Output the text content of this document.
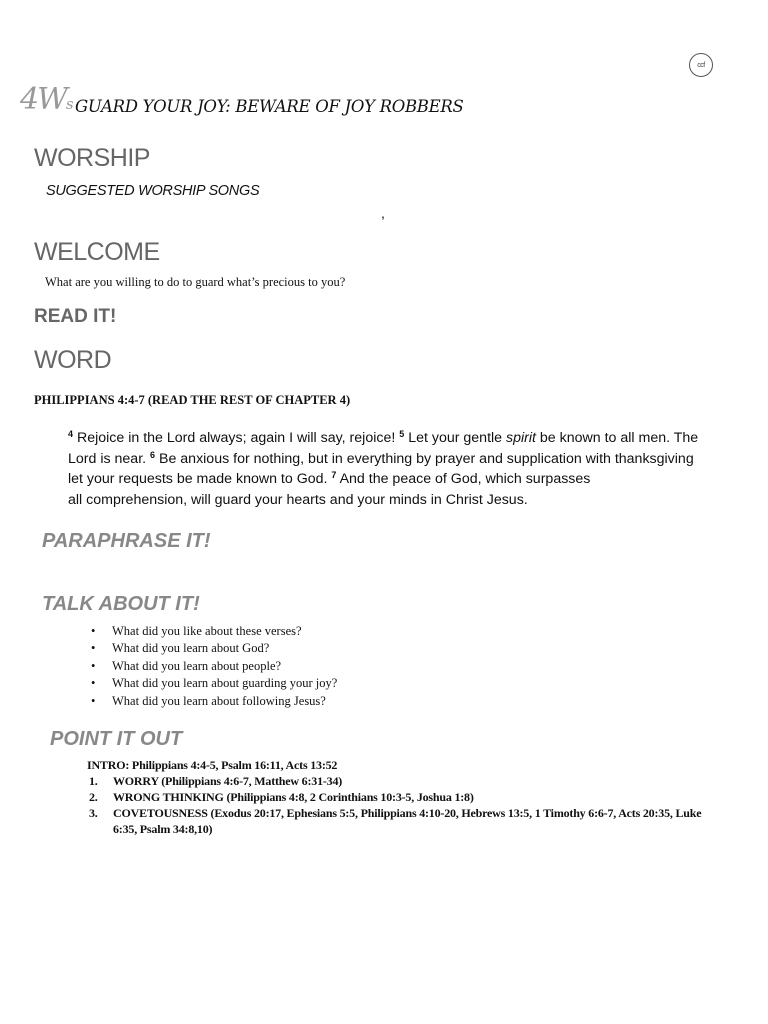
ccf
4Ws GUARD YOUR JOY: BEWARE OF JOY ROBBERS
WORSHIP
SUGGESTED WORSHIP SONGS
,
WELCOME
What are you willing to do to guard what’s precious to you?
READ IT!
WORD
PHILIPPIANS 4:4-7 (READ THE REST OF CHAPTER 4)
$^4$ Rejoice in the Lord always; again I will say, rejoice! $^5$ Let your gentle spirit be known to all men. The
Lord is near. $^6$ Be anxious for nothing, but in everything by prayer and supplication with thanksgiving
let your requests be made known to God. $^7$ And the peace of God, which surpasses
all comprehension, will guard your hearts and your minds in Christ Jesus.
PARAPHRASE IT!
TALK ABOUT IT!
• What did you like about these verses?
• What did you learn about God?
• What did you learn about people?
• What did you learn about guarding your joy?
• What did you learn about following Jesus?
POINT IT OUT
INTRO: Philippians 4:4-5, Psalm 16:11, Acts 13:52
1. WORRY (Philippians 4:6-7, Matthew 6:31-34)
2. WRONG THINKING (Philippians 4:8, 2 Corinthians 10:3-5, Joshua 1:8)
3. COVETOUSNESS (Exodus 20:17, Ephesians 5:5, Philippians 4:10-20, Hebrews 13:5, 1 Timothy 6:6-7, Acts 20:35, Luke 6:35, Psalm 34:8,10)
